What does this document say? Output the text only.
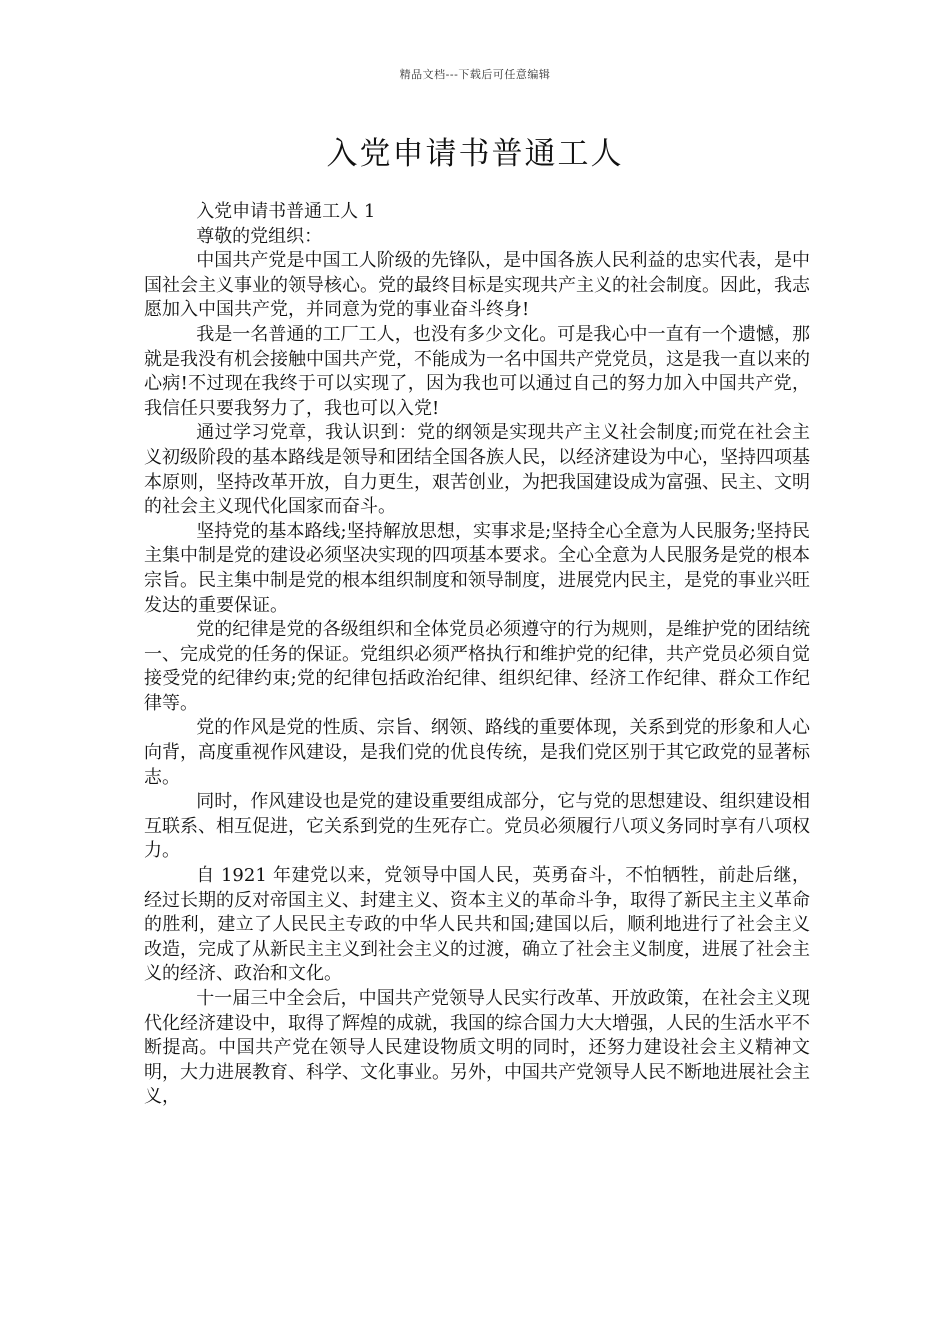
精品文档---下载后可任意编辑
入党申请书普通工人

入党申请书普通工人 1

尊敬的党组织：

中国共产党是中国工人阶级的先锋队，是中国各族人民利益的忠实代表，是中国社会主义事业的领导核心。党的最终目标是实现共产主义的社会制度。因此，我志愿加入中国共产党，并同意为党的事业奋斗终身!

我是一名普通的工厂工人，也没有多少文化。可是我心中一直有一个遗憾，那就是我没有机会接触中国共产党，不能成为一名中国共产党党员，这是我一直以来的心病!不过现在我终于可以实现了，因为我也可以通过自己的努力加入中国共产党，我信任只要我努力了，我也可以入党!

通过学习党章，我认识到：党的纲领是实现共产主义社会制度;而党在社会主义初级阶段的基本路线是领导和团结全国各族人民，以经济建设为中心，坚持四项基本原则，坚持改革开放，自力更生，艰苦创业，为把我国建设成为富强、民主、文明的社会主义现代化国家而奋斗。

坚持党的基本路线;坚持解放思想，实事求是;坚持全心全意为人民服务;坚持民主集中制是党的建设必须坚决实现的四项基本要求。全心全意为人民服务是党的根本宗旨。民主集中制是党的根本组织制度和领导制度，进展党内民主，是党的事业兴旺发达的重要保证。

党的纪律是党的各级组织和全体党员必须遵守的行为规则，是维护党的团结统一、完成党的任务的保证。党组织必须严格执行和维护党的纪律，共产党员必须自觉接受党的纪律约束;党的纪律包括政治纪律、组织纪律、经济工作纪律、群众工作纪律等。

党的作风是党的性质、宗旨、纲领、路线的重要体现，关系到党的形象和人心向背，高度重视作风建设，是我们党的优良传统，是我们党区别于其它政党的显著标志。

同时，作风建设也是党的建设重要组成部分，它与党的思想建设、组织建设相互联系、相互促进，它关系到党的生死存亡。党员必须履行八项义务同时享有八项权力。

自 1921 年建党以来，党领导中国人民，英勇奋斗，不怕牺牲，前赴后继，经过长期的反对帝国主义、封建主义、资本主义的革命斗争，取得了新民主主义革命的胜利，建立了人民民主专政的中华人民共和国;建国以后，顺利地进行了社会主义改造，完成了从新民主主义到社会主义的过渡，确立了社会主义制度，进展了社会主义的经济、政治和文化。

十一届三中全会后，中国共产党领导人民实行改革、开放政策，在社会主义现代化经济建设中，取得了辉煌的成就，我国的综合国力大大增强，人民的生活水平不断提高。中国共产党在领导人民建设物质文明的同时，还努力建设社会主义精神文明，大力进展教育、科学、文化事业。另外，中国共产党领导人民不断地进展社会主义，
